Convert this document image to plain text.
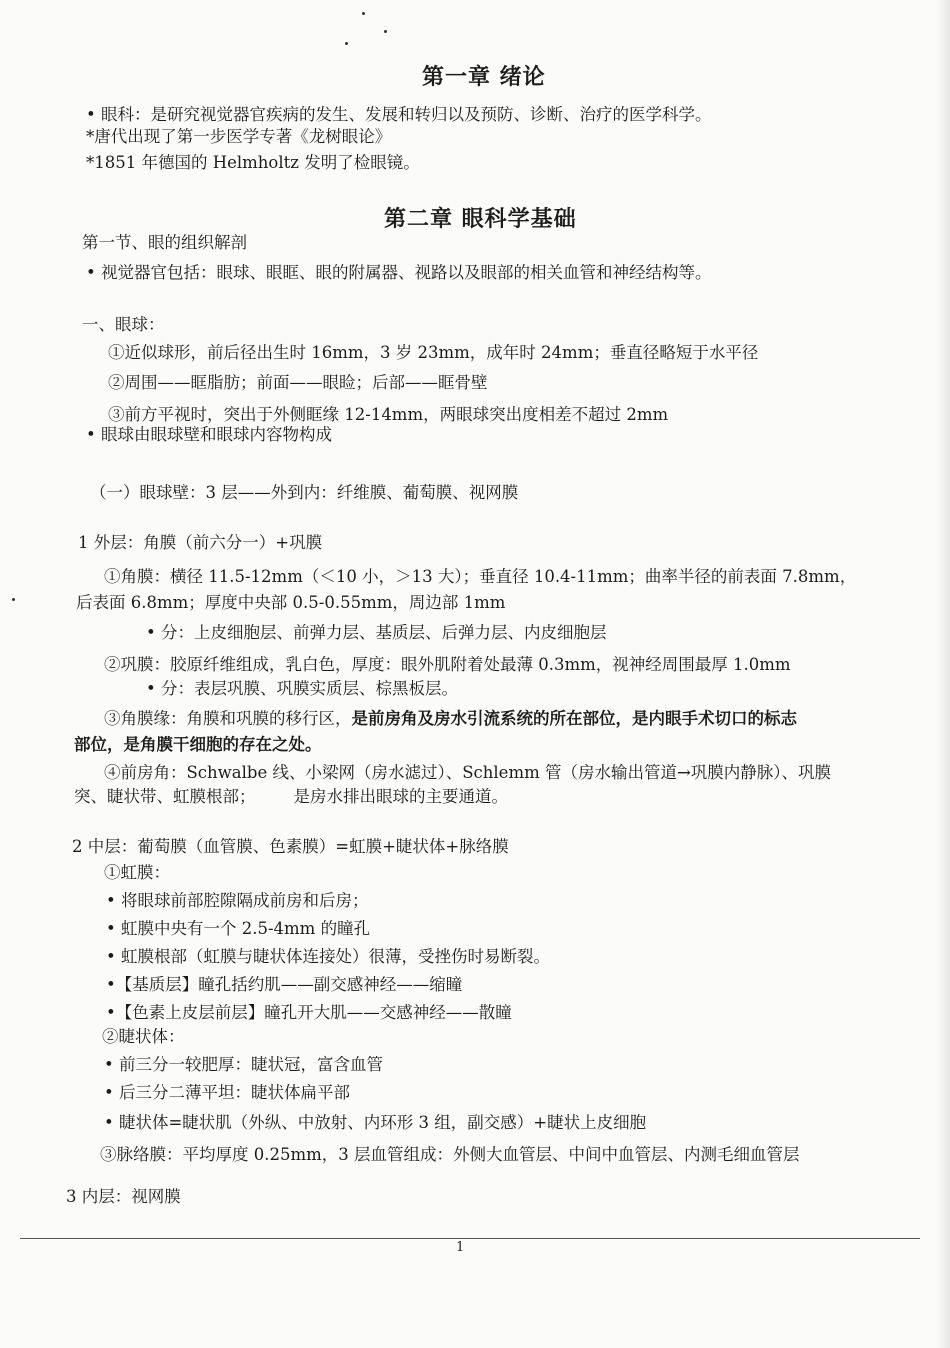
第一章 绪论
• 眼科：是研究视觉器官疾病的发生、发展和转归以及预防、诊断、治疗的医学科学。
*唐代出现了第一步医学专著《龙树眼论》
*1851 年德国的 Helmholtz 发明了检眼镜。
第二章 眼科学基础
第一节、眼的组织解剖
• 视觉器官包括：眼球、眼眶、眼的附属器、视路以及眼部的相关血管和神经结构等。
一、眼球：
①近似球形，前后径出生时 16mm，3 岁 23mm，成年时 24mm；垂直径略短于水平径
②周围——眶脂肪；前面——眼睑；后部——眶骨壁
③前方平视时，突出于外侧眶缘 12-14mm，两眼球突出度相差不超过 2mm
• 眼球由眼球壁和眼球内容物构成
（一）眼球壁：3 层——外到内：纤维膜、葡萄膜、视网膜
1 外层：角膜（前六分一）+巩膜
①角膜：横径 11.5-12mm（＜10 小，＞13 大）；垂直径 10.4-11mm；曲率半径的前表面 7.8mm，
后表面 6.8mm；厚度中央部 0.5-0.55mm，周边部 1mm
• 分：上皮细胞层、前弹力层、基质层、后弹力层、内皮细胞层
②巩膜：胶原纤维组成，乳白色，厚度：眼外肌附着处最薄 0.3mm，视神经周围最厚 1.0mm
• 分：表层巩膜、巩膜实质层、棕黑板层。
③角膜缘：角膜和巩膜的移行区，是前房角及房水引流系统的所在部位，是内眼手术切口的标志
部位，是角膜干细胞的存在之处。
④前房角：Schwalbe 线、小梁网（房水滤过）、Schlemm 管（房水输出管道→巩膜内静脉）、巩膜
突、睫状带、虹膜根部； 是房水排出眼球的主要通道。
2 中层：葡萄膜（血管膜、色素膜）=虹膜+睫状体+脉络膜
①虹膜：
• 将眼球前部腔隙隔成前房和后房；
• 虹膜中央有一个 2.5-4mm 的瞳孔
• 虹膜根部（虹膜与睫状体连接处）很薄，受挫伤时易断裂。
•【基质层】瞳孔括约肌——副交感神经——缩瞳
•【色素上皮层前层】瞳孔开大肌——交感神经——散瞳
②睫状体：
• 前三分一较肥厚：睫状冠，富含血管
• 后三分二薄平坦：睫状体扁平部
• 睫状体=睫状肌（外纵、中放射、内环形 3 组，副交感）+睫状上皮细胞
③脉络膜：平均厚度 0.25mm，3 层血管组成：外侧大血管层、中间中血管层、内测毛细血管层
3 内层：视网膜
1
